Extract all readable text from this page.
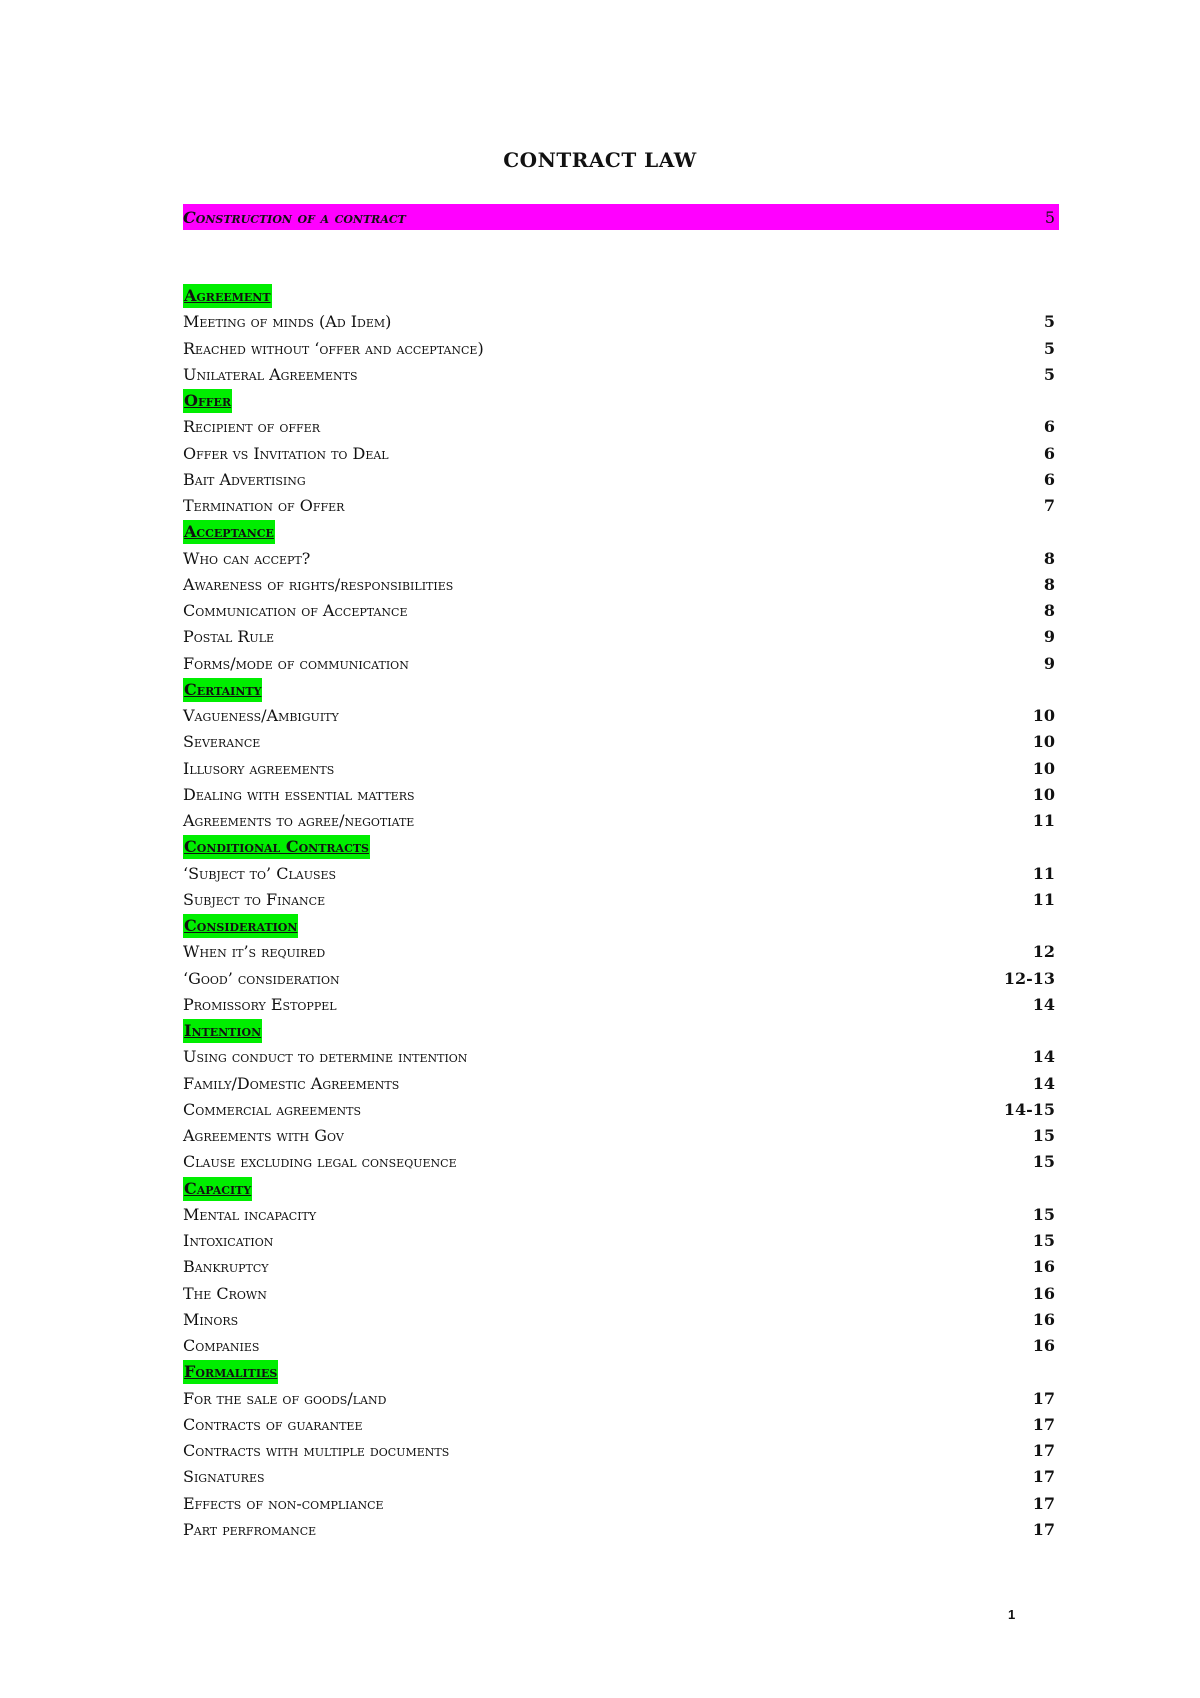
CONTRACT LAW
Construction of a contract	5
Agreement
Meeting of minds (Ad Idem)	5
Reached without ‘offer and acceptance)	5
Unilateral Agreements	5
Offer
Recipient of offer	6
Offer vs Invitation to Deal	6
Bait Advertising	6
Termination of Offer	7
Acceptance
Who can accept?	8
Awareness of rights/responsibilities	8
Communication of Acceptance	8
Postal Rule	9
Forms/mode of communication	9
Certainty
Vagueness/Ambiguity	10
Severance	10
Illusory agreements	10
Dealing with essential matters	10
Agreements to agree/negotiate	11
Conditional Contracts
‘Subject to’ Clauses	11
Subject to Finance	11
Consideration
When it’s required	12
‘Good’ consideration	12-13
Promissory Estoppel	14
Intention
Using conduct to determine intention	14
Family/Domestic Agreements	14
Commercial agreements	14-15
Agreements with Gov	15
Clause excluding legal consequence	15
Capacity
Mental incapacity	15
Intoxication	15
Bankruptcy	16
The Crown	16
Minors	16
Companies	16
Formalities
For the sale of goods/land	17
Contracts of guarantee	17
Contracts with multiple documents	17
Signatures	17
Effects of non-compliance	17
Part perfromance	17
1
